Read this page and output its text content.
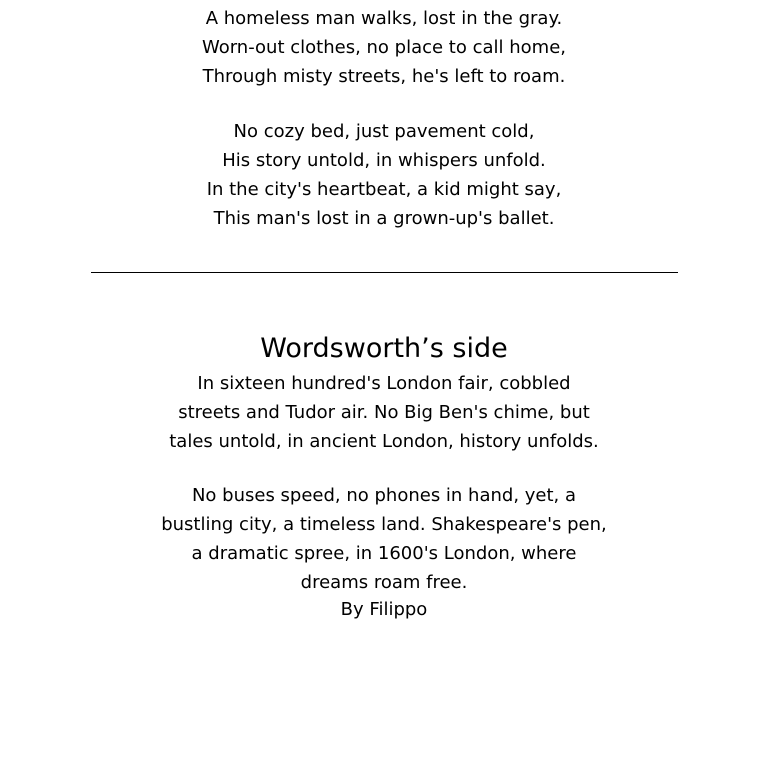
A homeless man walks, lost in the gray.
Worn-out clothes, no place to call home,
Through misty streets, he's left to roam.
No cozy bed, just pavement cold,
His story untold, in whispers unfold.
In the city's heartbeat, a kid might say,
This man's lost in a grown-up's ballet.
Wordsworth’s side
In sixteen hundred's London fair, cobbled
streets and Tudor air. No Big Ben's chime, but
tales untold, in ancient London, history unfolds.
No buses speed, no phones in hand, yet, a
bustling city, a timeless land. Shakespeare's pen,
a dramatic spree, in 1600's London, where
dreams roam free.
By Filippo
